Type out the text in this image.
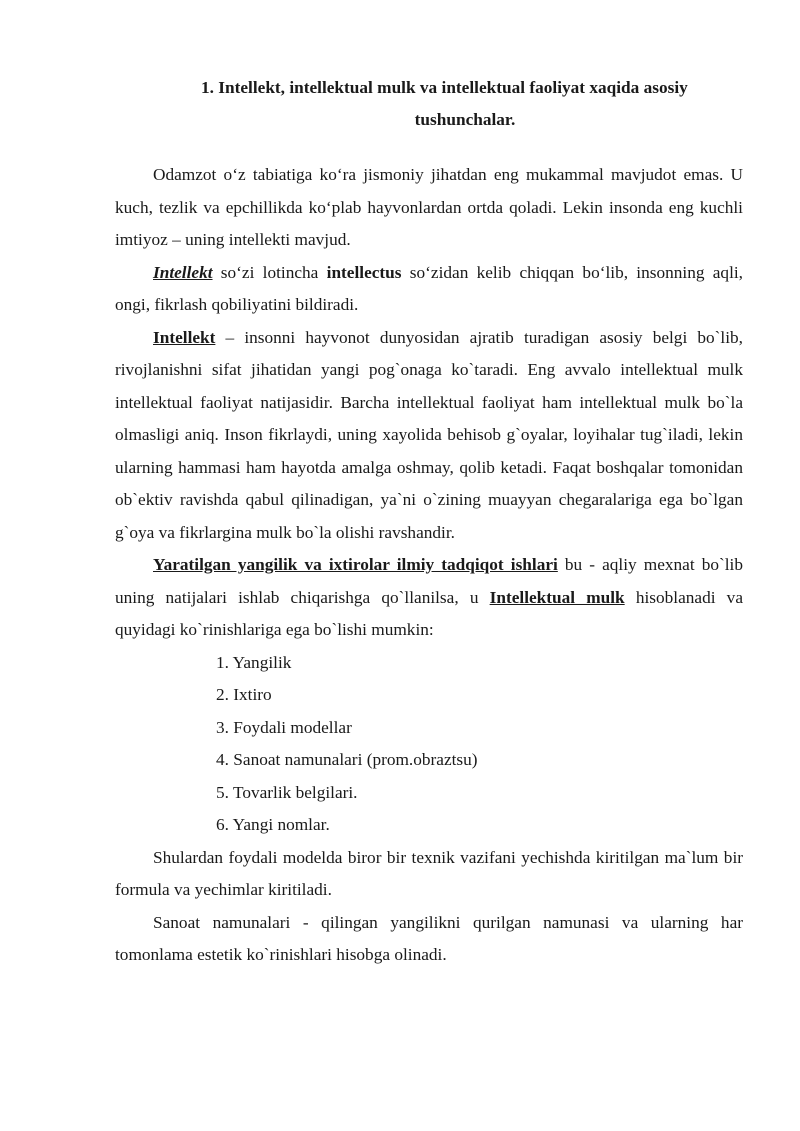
1. Intellekt, intellektual mulk va intellektual faoliyat xaqida asosiy
tushunchalar.

Odamzot o‘z tabiatiga ko‘ra jismoniy jihatdan eng mukammal mavjudot emas. U kuch, tezlik va epchillikda ko‘plab hayvonlardan ortda qoladi. Lekin insonda eng kuchli imtiyoz – uning intellekti mavjud.

Intellekt so‘zi lotincha intellectus so‘zidan kelib chiqqan bo‘lib, insonning aqli, ongi, fikrlash qobiliyatini bildiradi.

Intellekt – insonni hayvonot dunyosidan ajratib turadigan asosiy belgi bo`lib, rivojlanishni sifat jihatidan yangi pog`onaga ko`taradi. Eng avvalo intellektual mulk intellektual faoliyat natijasidir. Barcha intellektual faoliyat ham intellektual mulk bo`la olmasligi aniq. Inson fikrlaydi, uning xayolida behisob g`oyalar, loyihalar tug`iladi, lekin ularning hammasi ham hayotda amalga oshmay, qolib ketadi. Faqat boshqalar tomonidan ob`ektiv ravishda qabul qilinadigan, ya`ni o`zining muayyan chegaralariga ega bo`lgan g`oya va fikrlargina mulk bo`la olishi ravshandir.

Yaratilgan yangilik va ixtirolar ilmiy tadqiqot ishlari bu - aqliy mexnat bo`lib uning natijalari ishlab chiqarishga qo`llanilsa, u Intellektual mulk hisoblanadi va quyidagi ko`rinishlariga ega bo`lishi mumkin:

1. Yangilik
2. Ixtiro
3. Foydali modellar
4. Sanoat namunalari (prom.obraztsu)
5. Tovarlik belgilari.
6. Yangi nomlar.

Shulardan foydali modelda biror bir texnik vazifani yechishda kiritilgan ma`lum bir formula va yechimlar kiritiladi.

Sanoat namunalari - qilingan yangilikni qurilgan namunasi va ularning har tomonlama estetik ko`rinishlari hisobga olinadi.
